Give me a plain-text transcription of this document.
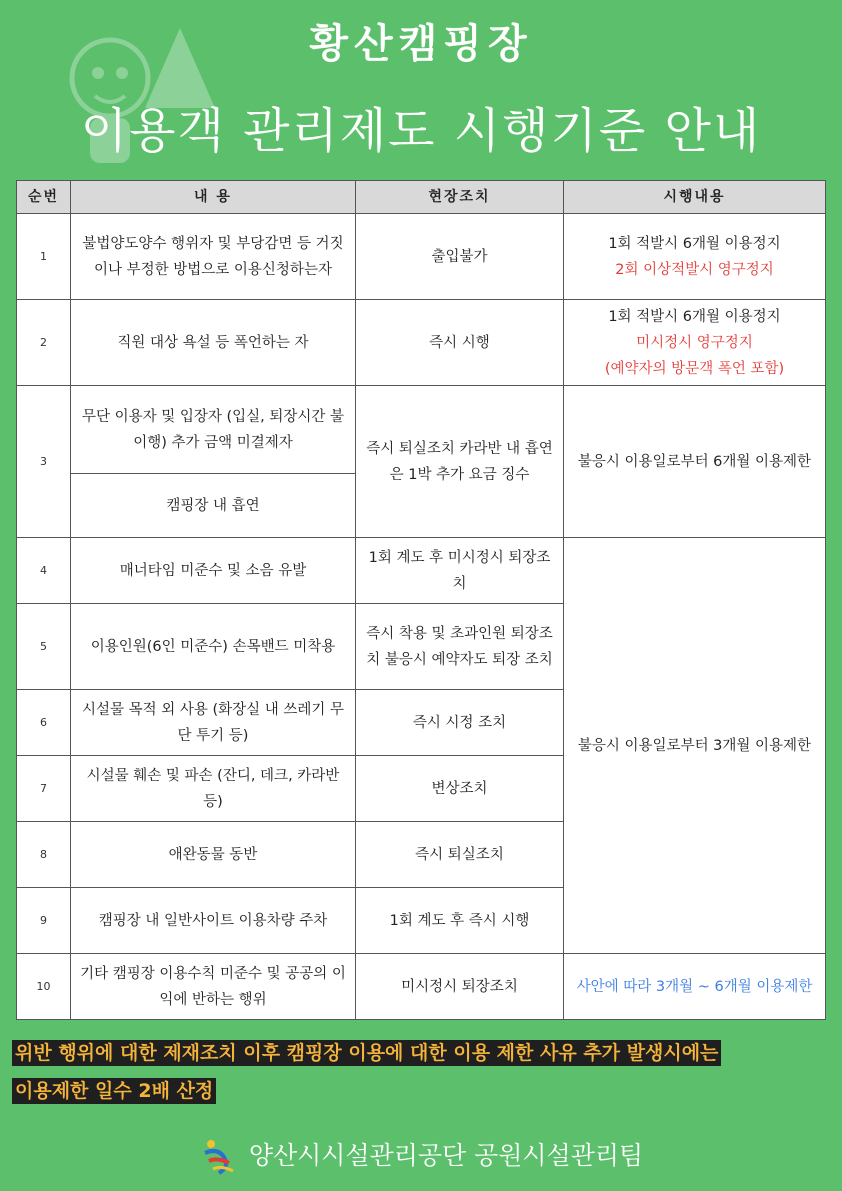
황산캠핑장
이용객 관리제도 시행기준 안내
순번	내 용	현장조치	시행내용
1	불법양도양수 행위자 및 부당감면 등 거짓이나 부정한 방법으로 이용신청하는자	출입불가	1회 적발시 6개월 이용정지
2회 이상적발시 영구정지

2	직원 대상 욕설 등 폭언하는 자	즉시 시행	1회 적발시 6개월 이용정지
미시정시 영구정지
(예약자의 방문객 폭언 포함)

3	무단 이용자 및 입장자 (입실, 퇴장시간 불이행) 추가 금액 미결제자	즉시 퇴실조치 카라반 내 흡연은 1박 추가 요금 징수	불응시 이용일로부터 6개월 이용제한
	캠핑장 내 흡연		
4	매너타임 미준수 및 소음 유발	1회 계도 후 미시정시 퇴장조치	불응시 이용일로부터 3개월 이용제한
5	이용인원(6인 미준수) 손목밴드 미착용	즉시 착용 및 초과인원 퇴장조치 불응시 예약자도 퇴장 조치	
6	시설물 목적 외 사용 (화장실 내 쓰레기 무단 투기 등)	즉시 시정 조치	
7	시설물 훼손 및 파손 (잔디, 데크, 카라반 등)	변상조치	
8	애완동물 동반	즉시 퇴실조치	
9	캠핑장 내 일반사이트 이용차량 주차	1회 계도 후 즉시 시행	
10	기타 캠핑장 이용수칙 미준수 및 공공의 이익에 반하는 행위	미시정시 퇴장조치	사안에 따라 3개월 ~ 6개월 이용제한
위반 행위에 대한 제재조치 이후 캠핑장 이용에 대한 이용 제한 사유 추가 발생시에는
이용제한 일수 2배 산정
양산시시설관리공단 공원시설관리팀
